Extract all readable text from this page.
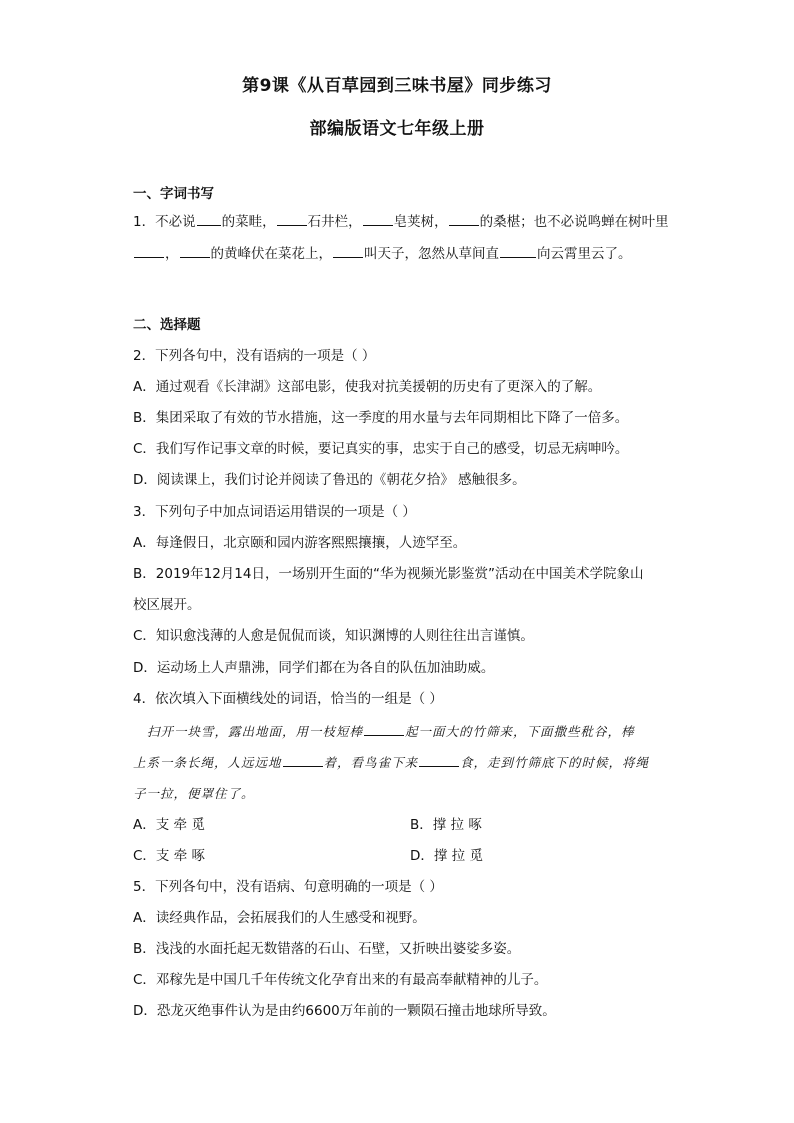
第9课《从百草园到三味书屋》同步练习
部编版语文七年级上册
一、字词书写
1．不必说 的菜畦， 石井栏， 皂荚树， 的桑椹；也不必说鸣蝉在树叶里
， 的黄峰伏在菜花上， 叫天子，忽然从草间直	向云霄里云了。
二、选择题
2．下列各句中，没有语病的一项是（ ）
A．通过观看《长津湖》这部电影，使我对抗美援朝的历史有了更深入的了解。
B．集团采取了有效的节水措施，这一季度的用水量与去年同期相比下降了一倍多。
C．我们写作记事文章的时候，要记真实的事，忠实于自己的感受，切忌无病呻吟。
D．阅读课上，我们讨论并阅读了鲁迅的《朝花夕拾》 感触很多。
3．下列句子中加点词语运用错误的一项是（ ）
A．每逢假日，北京颐和园内游客熙熙攘攘，人迹罕至。
B．2019年12月14日，一场别开生面的“华为视频光影鉴赏”活动在中国美术学院象山
校区展开。
C．知识愈浅薄的人愈是侃侃而谈，知识渊博的人则往往出言谨慎。
D．运动场上人声鼎沸，同学们都在为各自的队伍加油助威。
4．依次填入下面横线处的词语，恰当的一组是（ ）
扫开一块雪，露出地面，用一枝短棒	起一面大的竹筛来，下面撒些秕谷，棒
上系一条长绳，人远远地	着，看鸟雀下来	食，走到竹筛底下的时候，将绳
子一拉，便罩住了。
A．支 牵 觅	B．撑 拉 啄
C．支 牵 啄	D．撑 拉 觅
5．下列各句中，没有语病、句意明确的一项是（ ）
A．读经典作品，会拓展我们的人生感受和视野。
B．浅浅的水面托起无数错落的石山、石壁，又折映出婆娑多姿。
C．邓稼先是中国几千年传统文化孕育出来的有最高奉献精神的儿子。
D．恐龙灭绝事件认为是由约6600万年前的一颗陨石撞击地球所导致。
